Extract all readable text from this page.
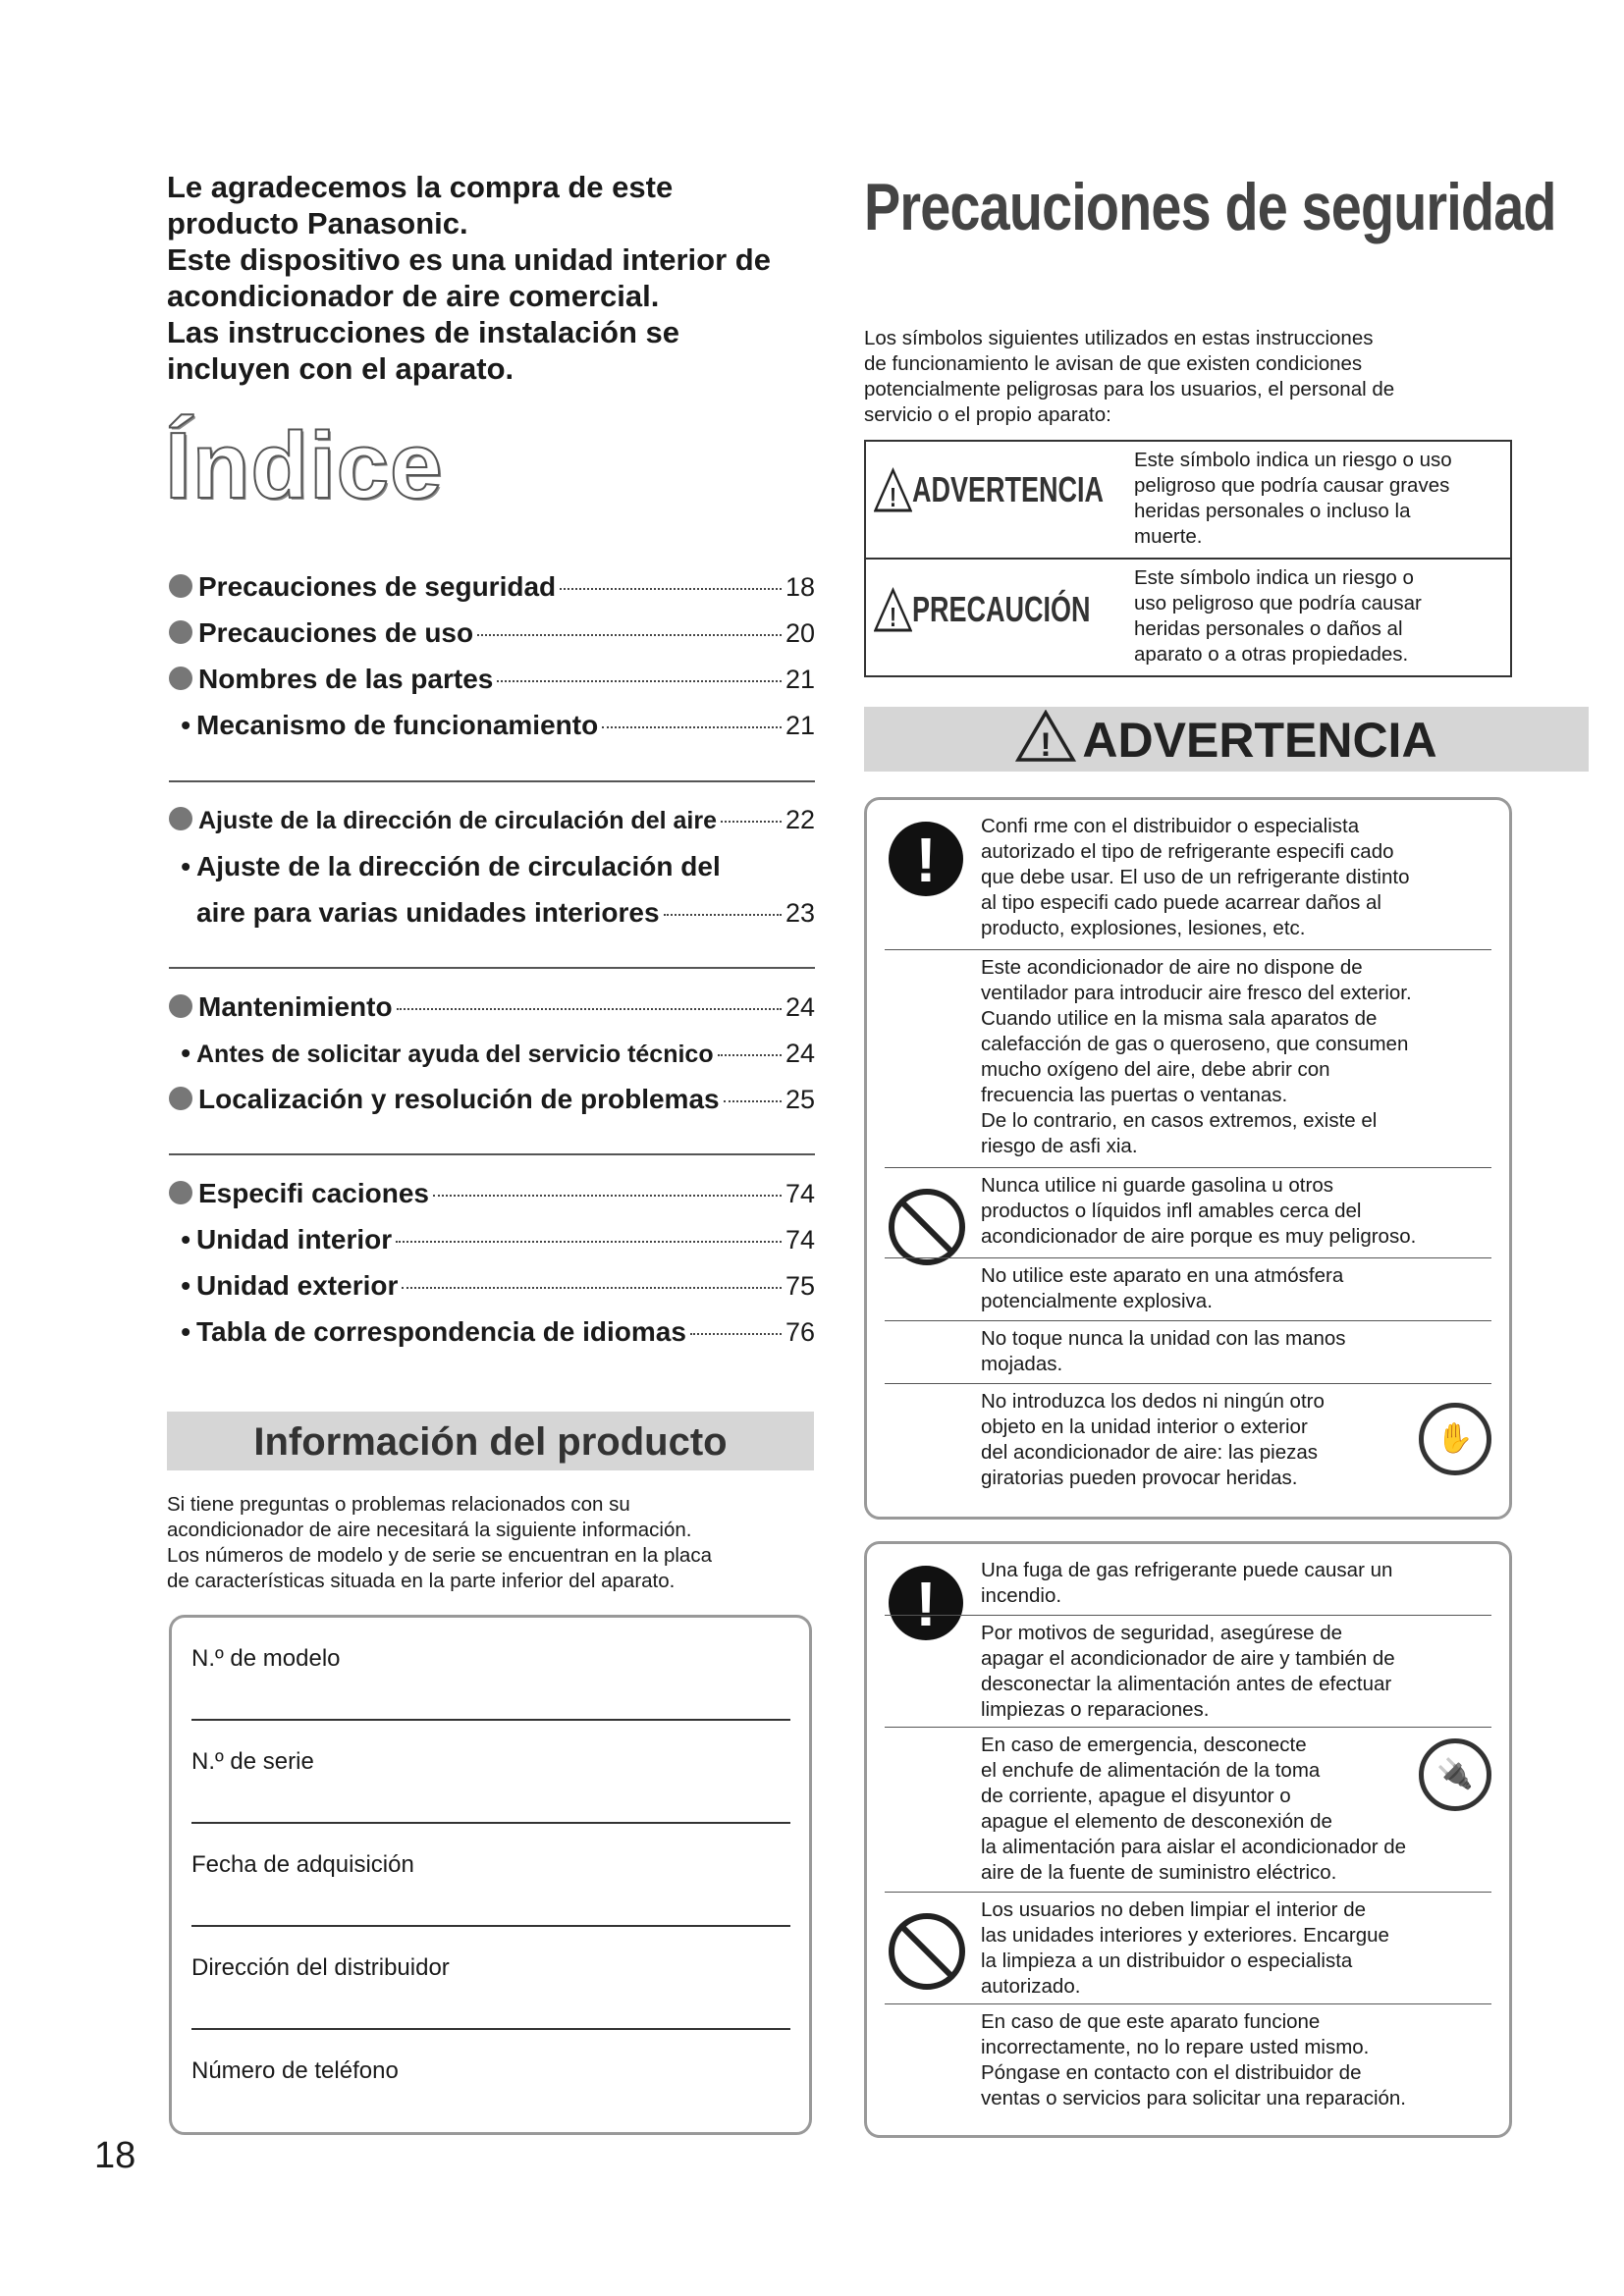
Le agradecemos la compra de este
producto Panasonic.
Este dispositivo es una unidad interior de
acondicionador de aire comercial.
Las instrucciones de instalación se
incluyen con el aparato.
Índice
Precauciones de seguridad	18
Precauciones de uso	20
Nombres de las partes	21
• Mecanismo de funcionamiento	21
Ajuste de la dirección de circulación del aire	22
• Ajuste de la dirección de circulación del
aire para varias unidades interiores	23
Mantenimiento	24
• Antes de solicitar ayuda del servicio técnico	24
Localización y resolución de problemas 25
Especifi caciones	74
• Unidad interior	74
• Unidad exterior	75
• Tabla de correspondencia de idiomas	76
Información del producto
Si tiene preguntas o problemas relacionados con su
acondicionador de aire necesitará la siguiente información.
Los números de modelo y de serie se encuentran en la placa
de características situada en la parte inferior del aparato.
N.º de modelo
N.º de serie
Fecha de adquisición
Dirección del distribuidor
Número de teléfono
18
Precauciones de seguridad
Los símbolos siguientes utilizados en estas instrucciones
de funcionamiento le avisan de que existen condiciones
potencialmente peligrosas para los usuarios, el personal de
servicio o el propio aparato:
! ADVERTENCIA
Este símbolo indica un riesgo o uso
peligroso que podría causar graves
heridas personales o incluso la
muerte.
! PRECAUCIÓN
Este símbolo indica un riesgo o
uso peligroso que podría causar
heridas personales o daños al
aparato o a otras propiedades.
! ADVERTENCIA
!	Confi rme con el distribuidor o especialista
autorizado el tipo de refrigerante especifi cado
que debe usar. El uso de un refrigerante distinto
al tipo especifi cado puede acarrear daños al
producto, explosiones, lesiones, etc.
Este acondicionador de aire no dispone de
ventilador para introducir aire fresco del exterior.
Cuando utilice en la misma sala aparatos de
calefacción de gas o queroseno, que consumen
mucho oxígeno del aire, debe abrir con
frecuencia las puertas o ventanas.
De lo contrario, en casos extremos, existe el
riesgo de asfi xia.
Nunca utilice ni guarde gasolina u otros
productos o líquidos infl amables cerca del
acondicionador de aire porque es muy peligroso.
No utilice este aparato en una atmósfera
potencialmente explosiva.
No toque nunca la unidad con las manos
mojadas.
No introduzca los dedos ni ningún otro
objeto en la unidad interior o exterior
del acondicionador de aire: las piezas
giratorias pueden provocar heridas.
✋
!	Una fuga de gas refrigerante puede causar un
incendio.
Por motivos de seguridad, asegúrese de
apagar el acondicionador de aire y también de
desconectar la alimentación antes de efectuar
limpiezas o reparaciones.
En caso de emergencia, desconecte
el enchufe de alimentación de la toma
de corriente, apague el disyuntor o
apague el elemento de desconexión de
la alimentación para aislar el acondicionador de
aire de la fuente de suministro eléctrico.
🔌
Los usuarios no deben limpiar el interior de
las unidades interiores y exteriores. Encargue
la limpieza a un distribuidor o especialista
autorizado.
En caso de que este aparato funcione
incorrectamente, no lo repare usted mismo.
Póngase en contacto con el distribuidor de
ventas o servicios para solicitar una reparación.
